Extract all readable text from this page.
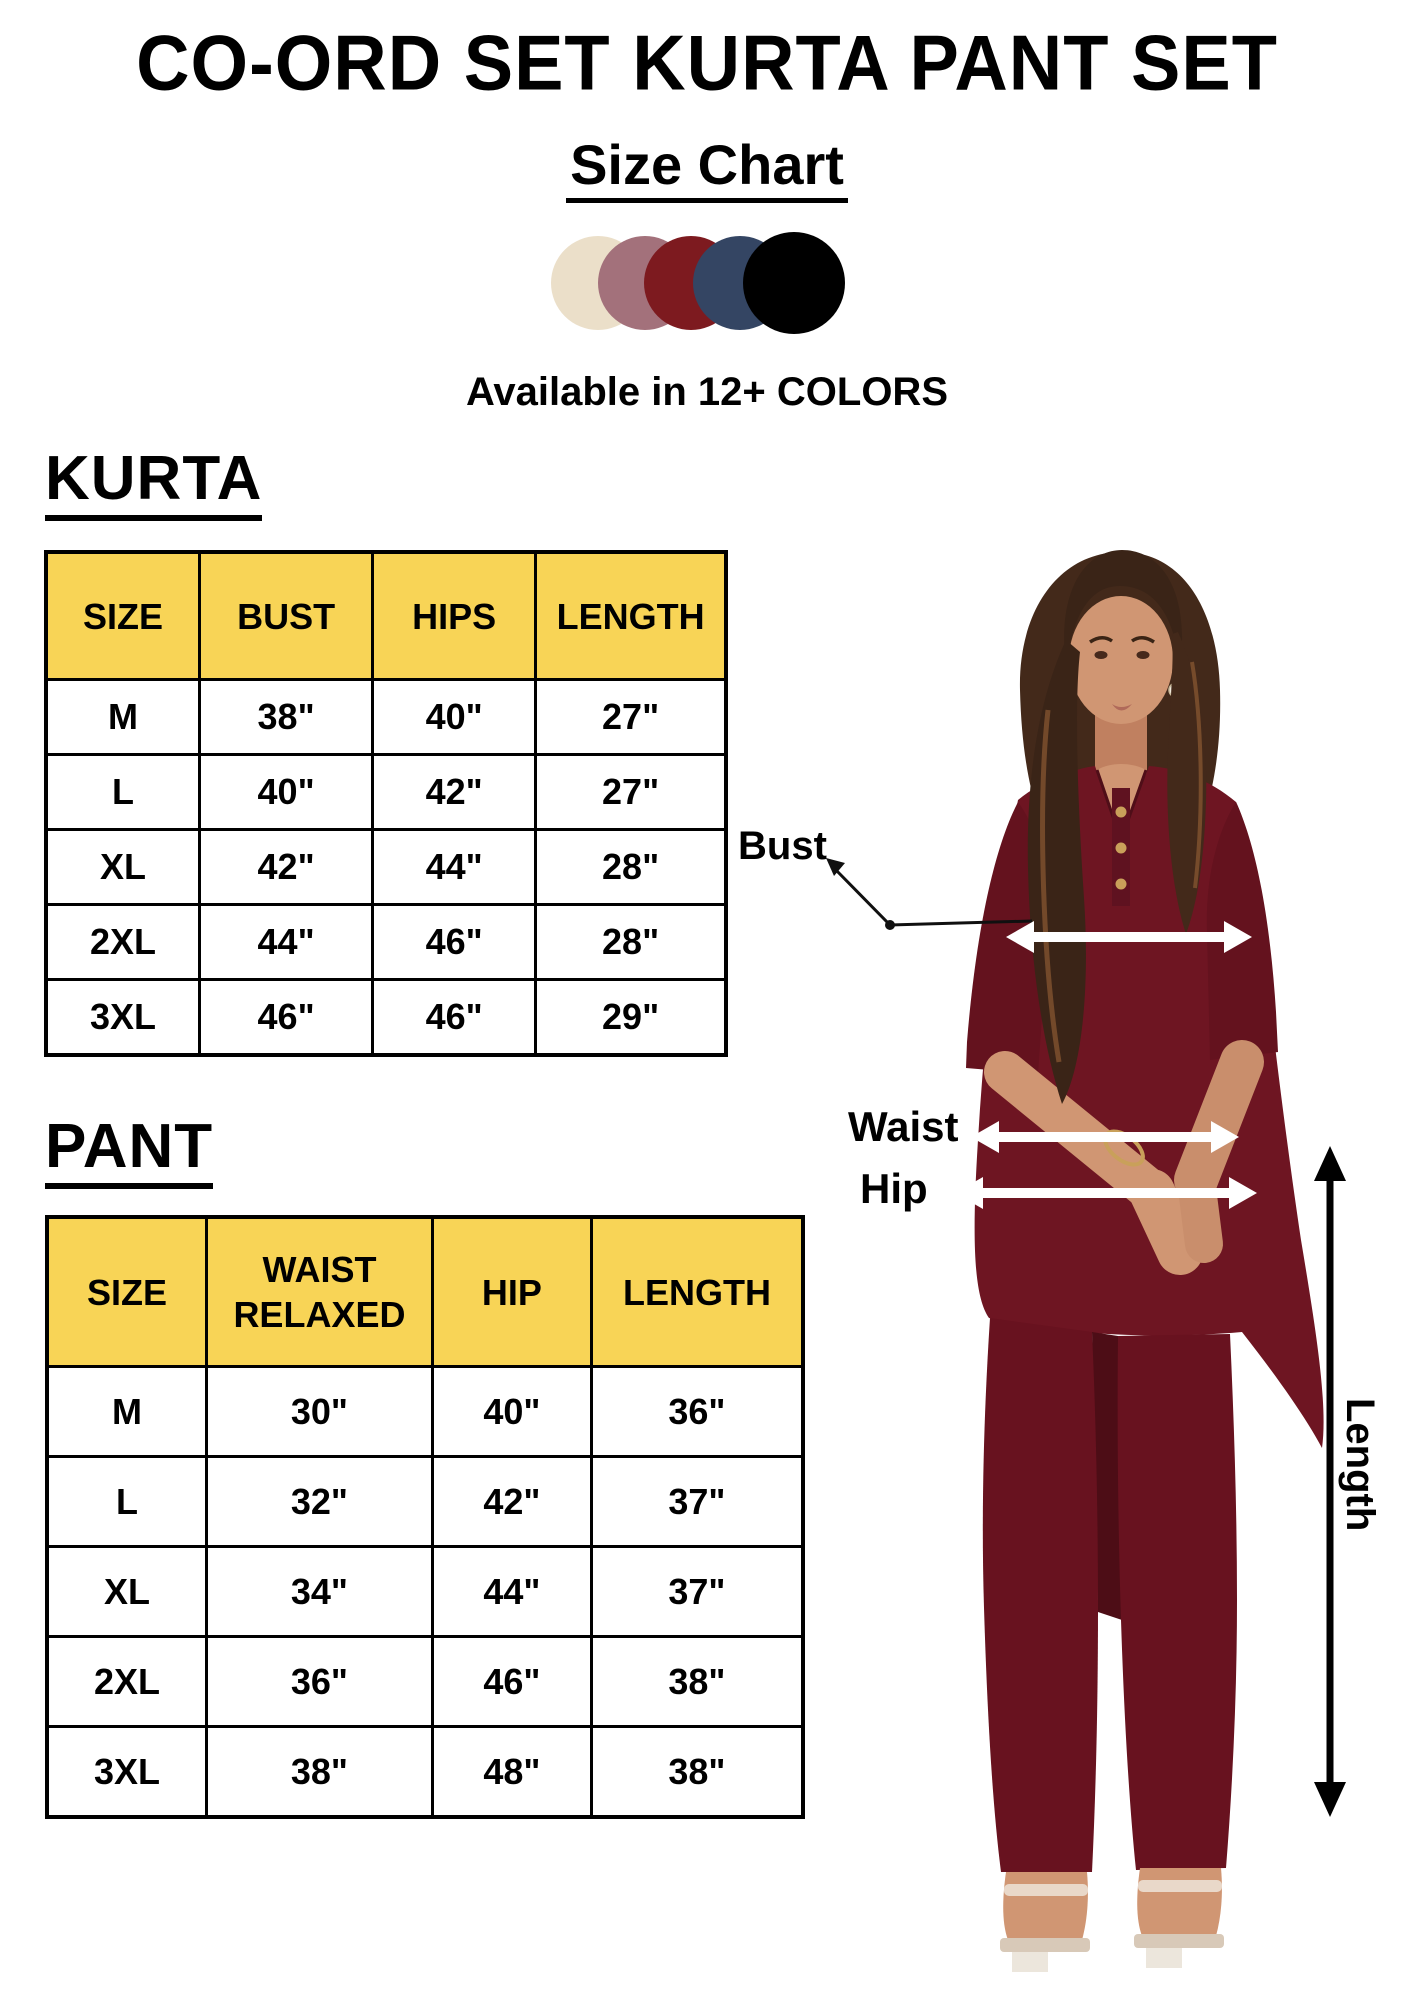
CO-ORD SET KURTA PANT SET
Size Chart
Available in 12+ COLORS
KURTA
SIZE	BUST	HIPS	LENGTH
M	38"	40"	27"
L	40"	42"	27"
XL	42"	44"	28"
2XL	44"	46"	28"
3XL	46"	46"	29"
PANT
SIZE	WAIST RELAXED	HIP	LENGTH
M	30"	40"	36"
L	32"	42"	37"
XL	34"	44"	37"
2XL	36"	46"	38"
3XL	38"	48"	38"
Bust
Waist
Hip
Length
